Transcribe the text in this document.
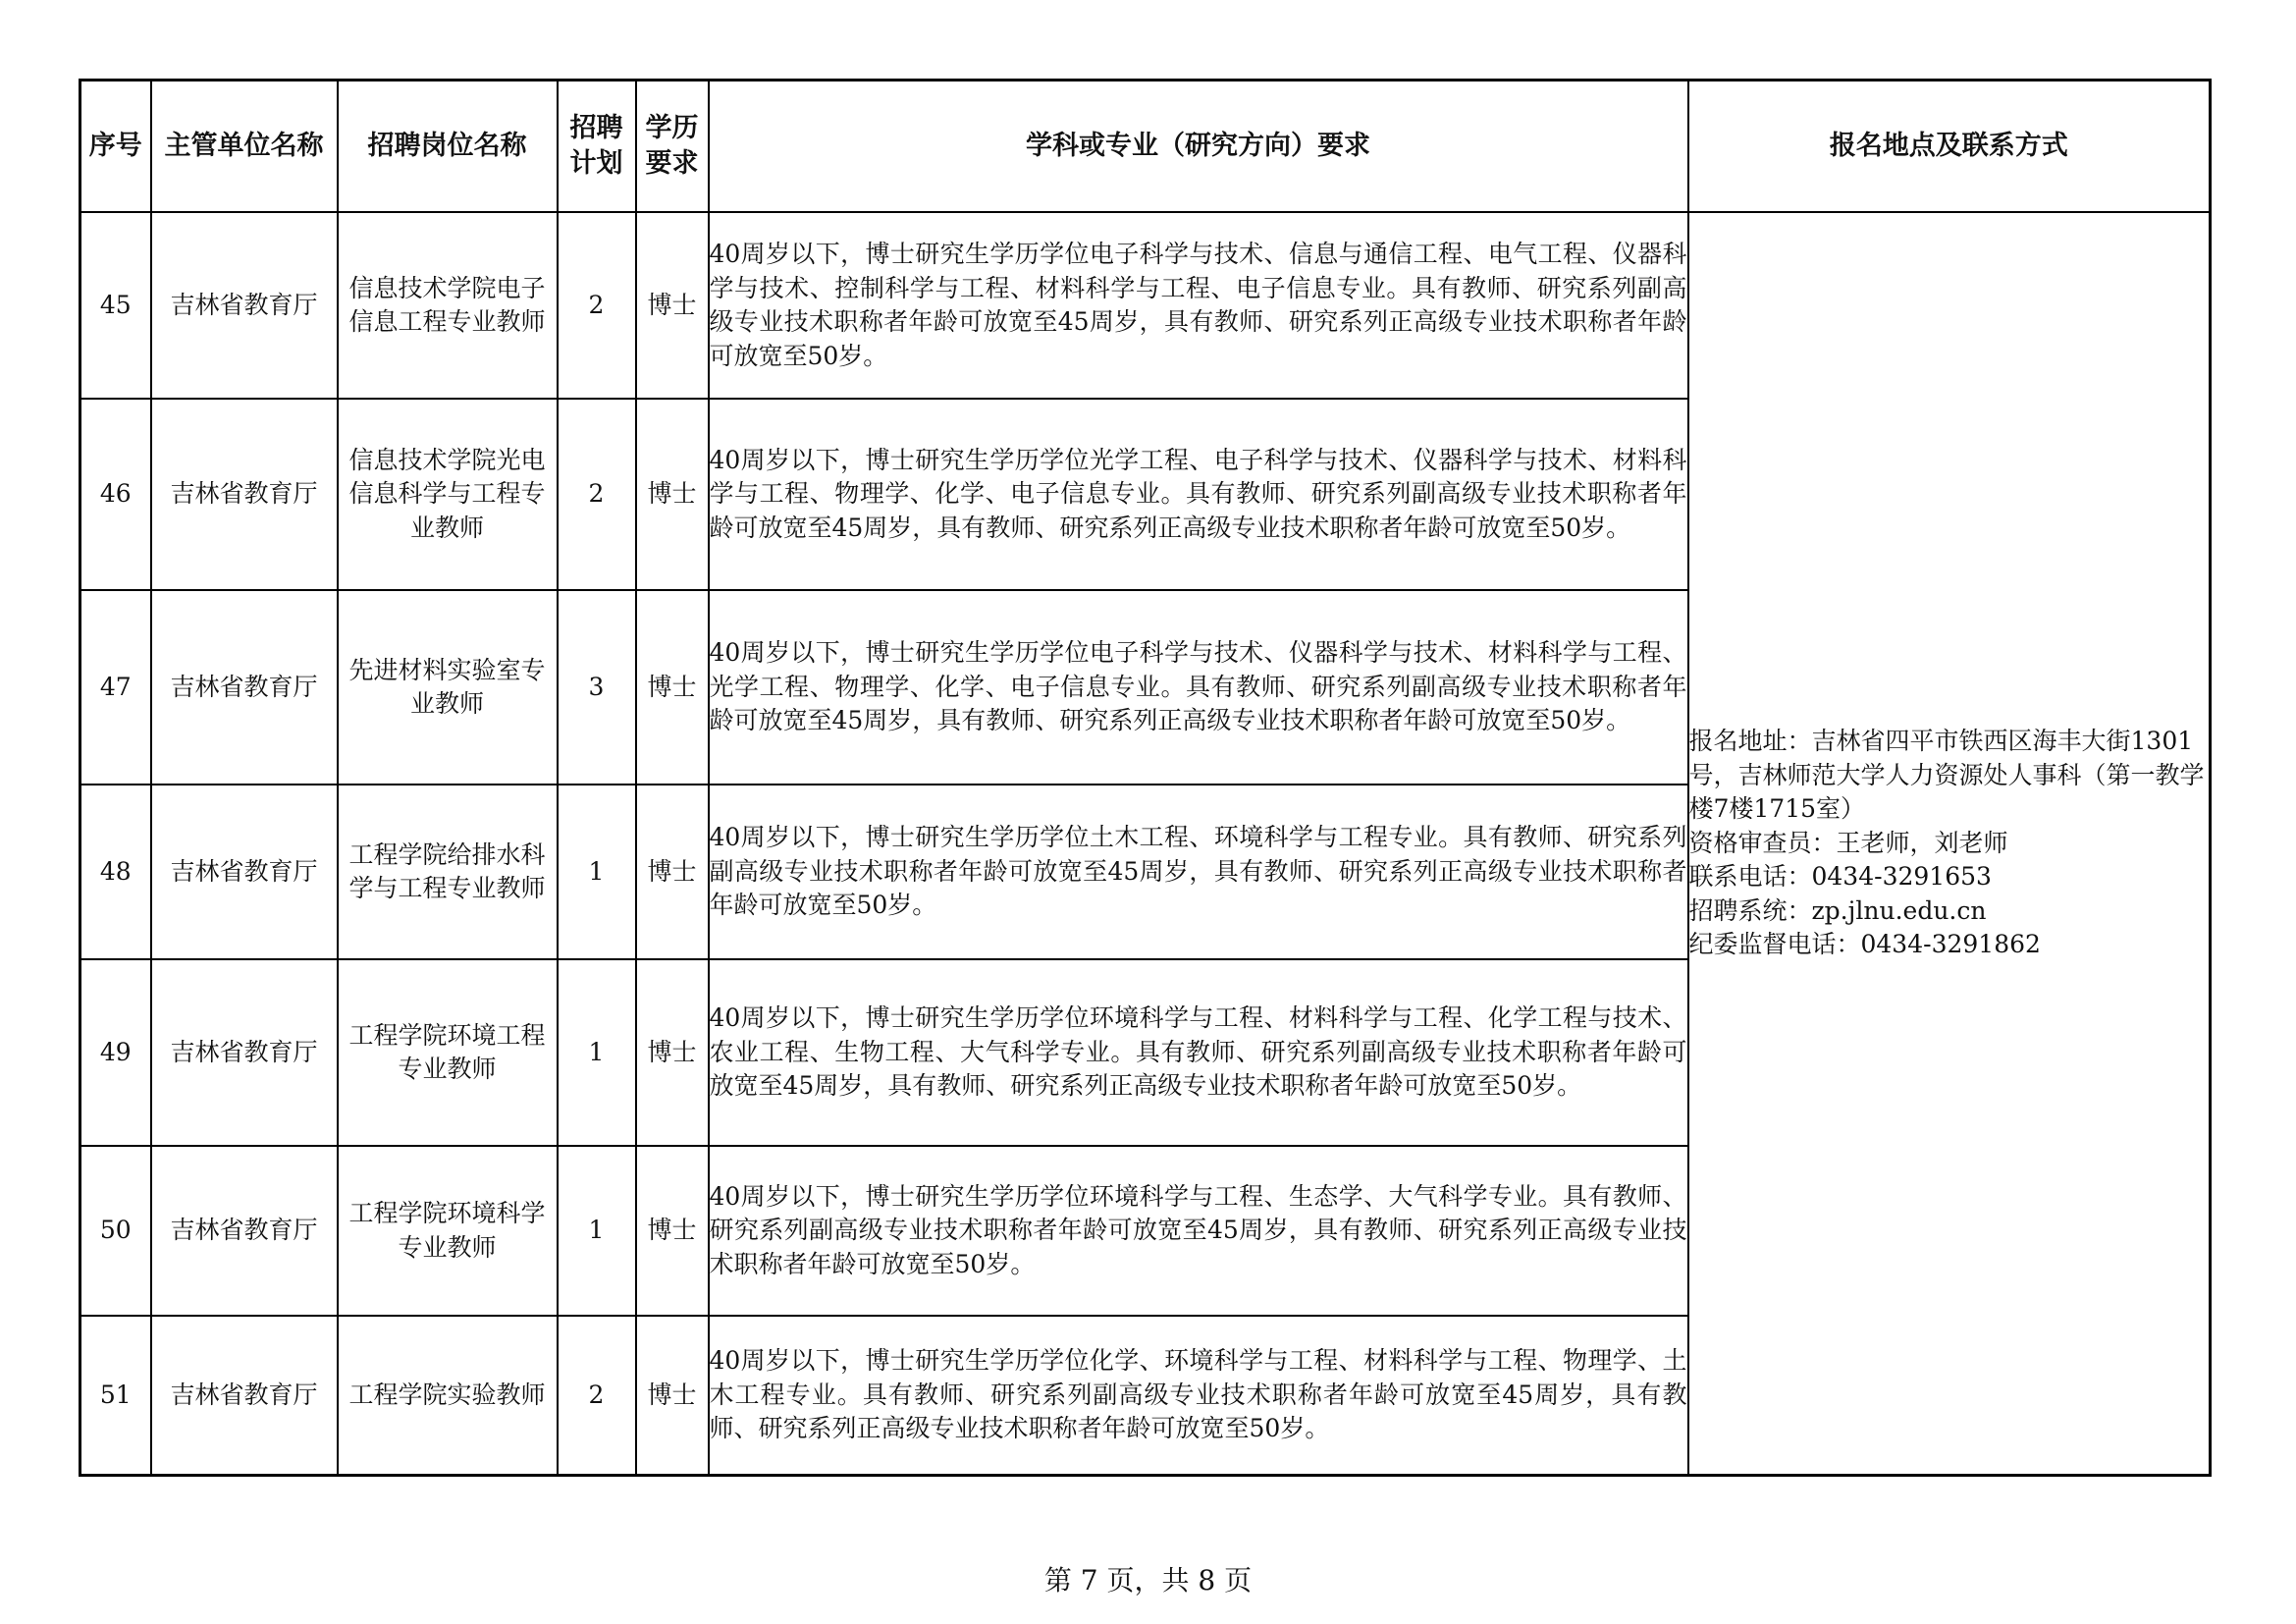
序号	主管单位名称	招聘岗位名称	招聘计划	学历要求	学科或专业（研究方向）要求	报名地点及联系方式
45	吉林省教育厅	信息技术学院电子信息工程专业教师	2	博士	40周岁以下，博士研究生学历学位电子科学与技术、信息与通信工程、电气工程、仪器科学与技术、控制科学与工程、材料科学与工程、电子信息专业。具有教师、研究系列副高级专业技术职称者年龄可放宽至45周岁，具有教师、研究系列正高级专业技术职称者年龄可放宽至50岁。	报名地址：吉林省四平市铁西区海丰大街1301号，吉林师范大学人力资源处人事科（第一教学楼7楼1715室）
资格审查员：王老师，刘老师
联系电话：0434-3291653
招聘系统：zp.jlnu.edu.cn
纪委监督电话：0434-3291862

46	吉林省教育厅	信息技术学院光电信息科学与工程专业教师	2	博士	40周岁以下，博士研究生学历学位光学工程、电子科学与技术、仪器科学与技术、材料科学与工程、物理学、化学、电子信息专业。具有教师、研究系列副高级专业技术职称者年龄可放宽至45周岁，具有教师、研究系列正高级专业技术职称者年龄可放宽至50岁。	
47	吉林省教育厅	先进材料实验室专业教师	3	博士	40周岁以下，博士研究生学历学位电子科学与技术、仪器科学与技术、材料科学与工程、光学工程、物理学、化学、电子信息专业。具有教师、研究系列副高级专业技术职称者年龄可放宽至45周岁，具有教师、研究系列正高级专业技术职称者年龄可放宽至50岁。	
48	吉林省教育厅	工程学院给排水科学与工程专业教师	1	博士	40周岁以下，博士研究生学历学位土木工程、环境科学与工程专业。具有教师、研究系列副高级专业技术职称者年龄可放宽至45周岁，具有教师、研究系列正高级专业技术职称者年龄可放宽至50岁。	
49	吉林省教育厅	工程学院环境工程专业教师	1	博士	40周岁以下，博士研究生学历学位环境科学与工程、材料科学与工程、化学工程与技术、农业工程、生物工程、大气科学专业。具有教师、研究系列副高级专业技术职称者年龄可放宽至45周岁，具有教师、研究系列正高级专业技术职称者年龄可放宽至50岁。	
50	吉林省教育厅	工程学院环境科学专业教师	1	博士	40周岁以下，博士研究生学历学位环境科学与工程、生态学、大气科学专业。具有教师、研究系列副高级专业技术职称者年龄可放宽至45周岁，具有教师、研究系列正高级专业技术职称者年龄可放宽至50岁。	
51	吉林省教育厅	工程学院实验教师	2	博士	40周岁以下，博士研究生学历学位化学、环境科学与工程、材料科学与工程、物理学、土木工程专业。具有教师、研究系列副高级专业技术职称者年龄可放宽至45周岁，具有教师、研究系列正高级专业技术职称者年龄可放宽至50岁。	
第 7 页，共 8 页
